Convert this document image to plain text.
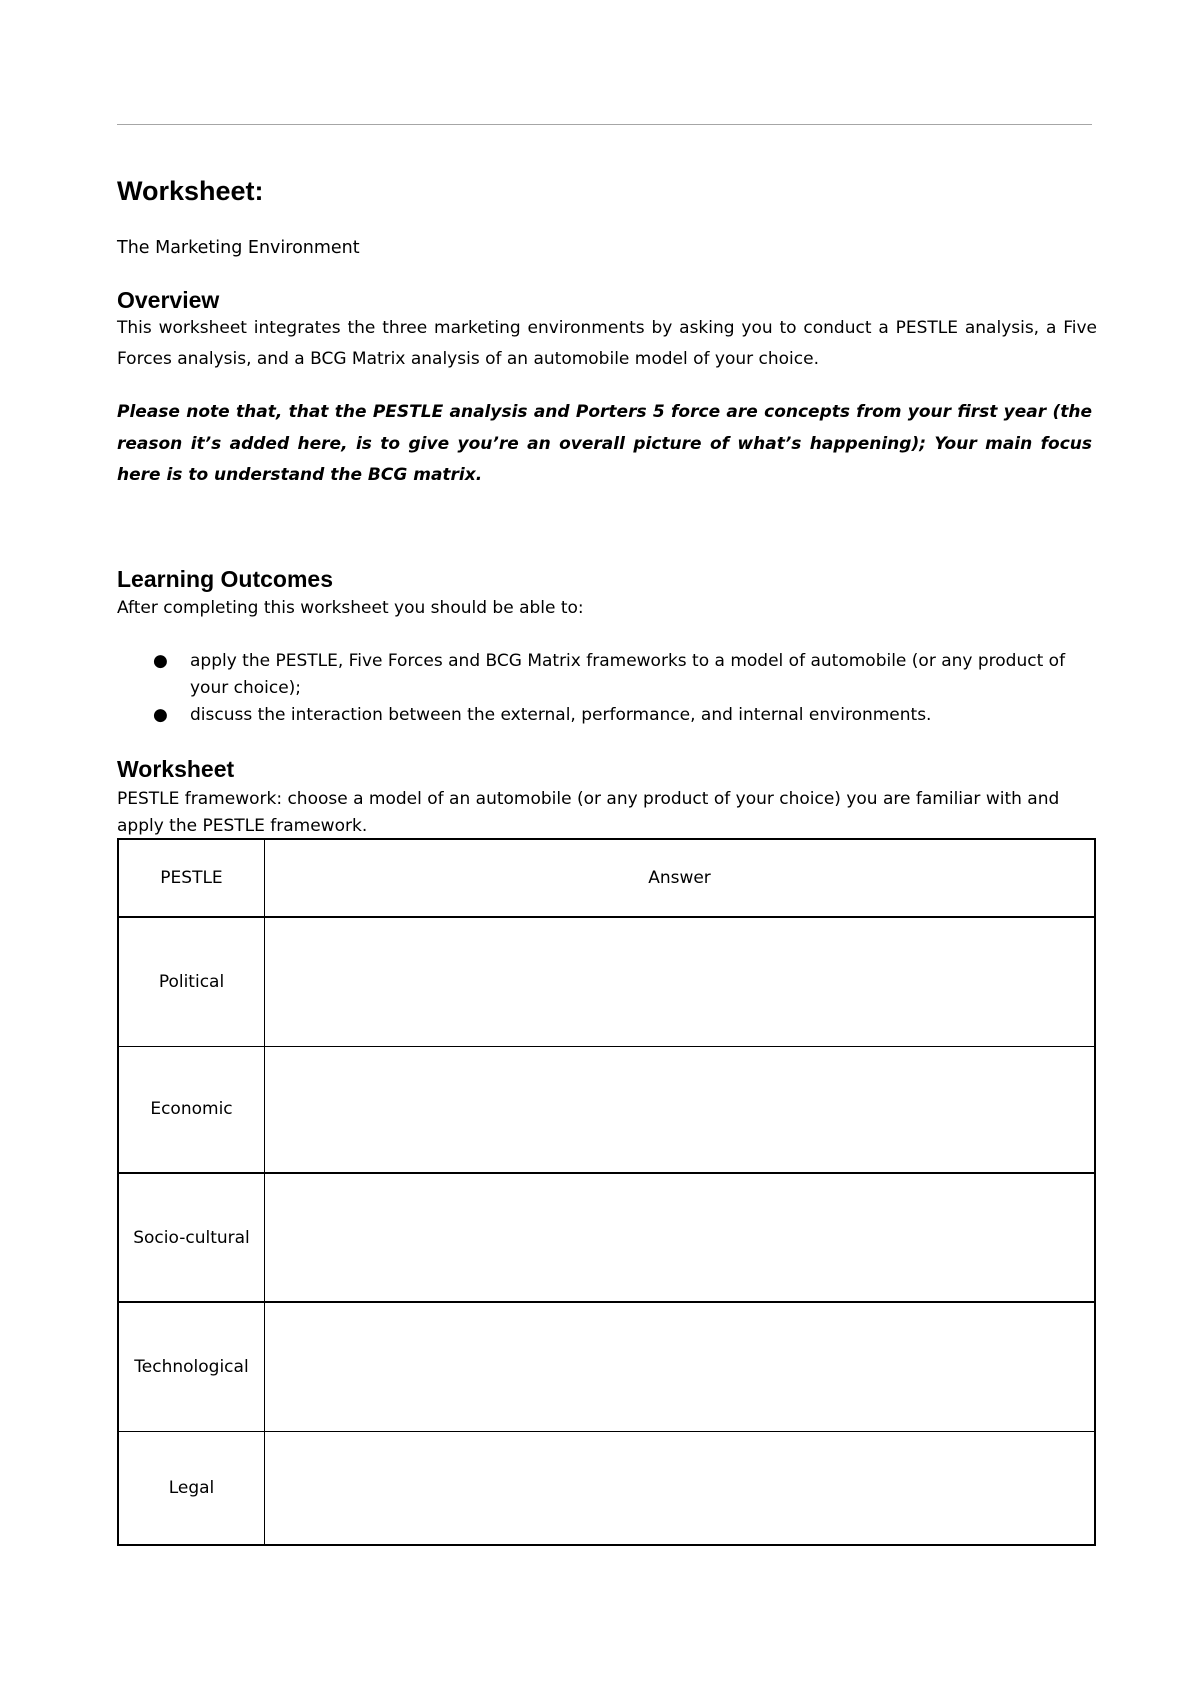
Worksheet:

The Marketing Environment

Overview

This worksheet integrates the three marketing environments by asking you to conduct a PESTLE analysis, a Five Forces analysis, and a BCG Matrix analysis of an automobile model of your choice.

Please note that, that the PESTLE analysis and Porters 5 force are concepts from your first year (the reason it’s added here, is to give you’re an overall picture of what’s happening); Your main focus here is to understand the BCG matrix.

Learning Outcomes

After completing this worksheet you should be able to:

● apply the PESTLE, Five Forces and BCG Matrix frameworks to a model of automobile (or any product of your choice);
● discuss the interaction between the external, performance, and internal environments.
Worksheet

PESTLE framework: choose a model of an automobile (or any product of your choice) you are familiar with and apply the PESTLE framework.

PESTLE	Answer
Political	
Economic	
Socio-cultural	
Technological	
Legal	
